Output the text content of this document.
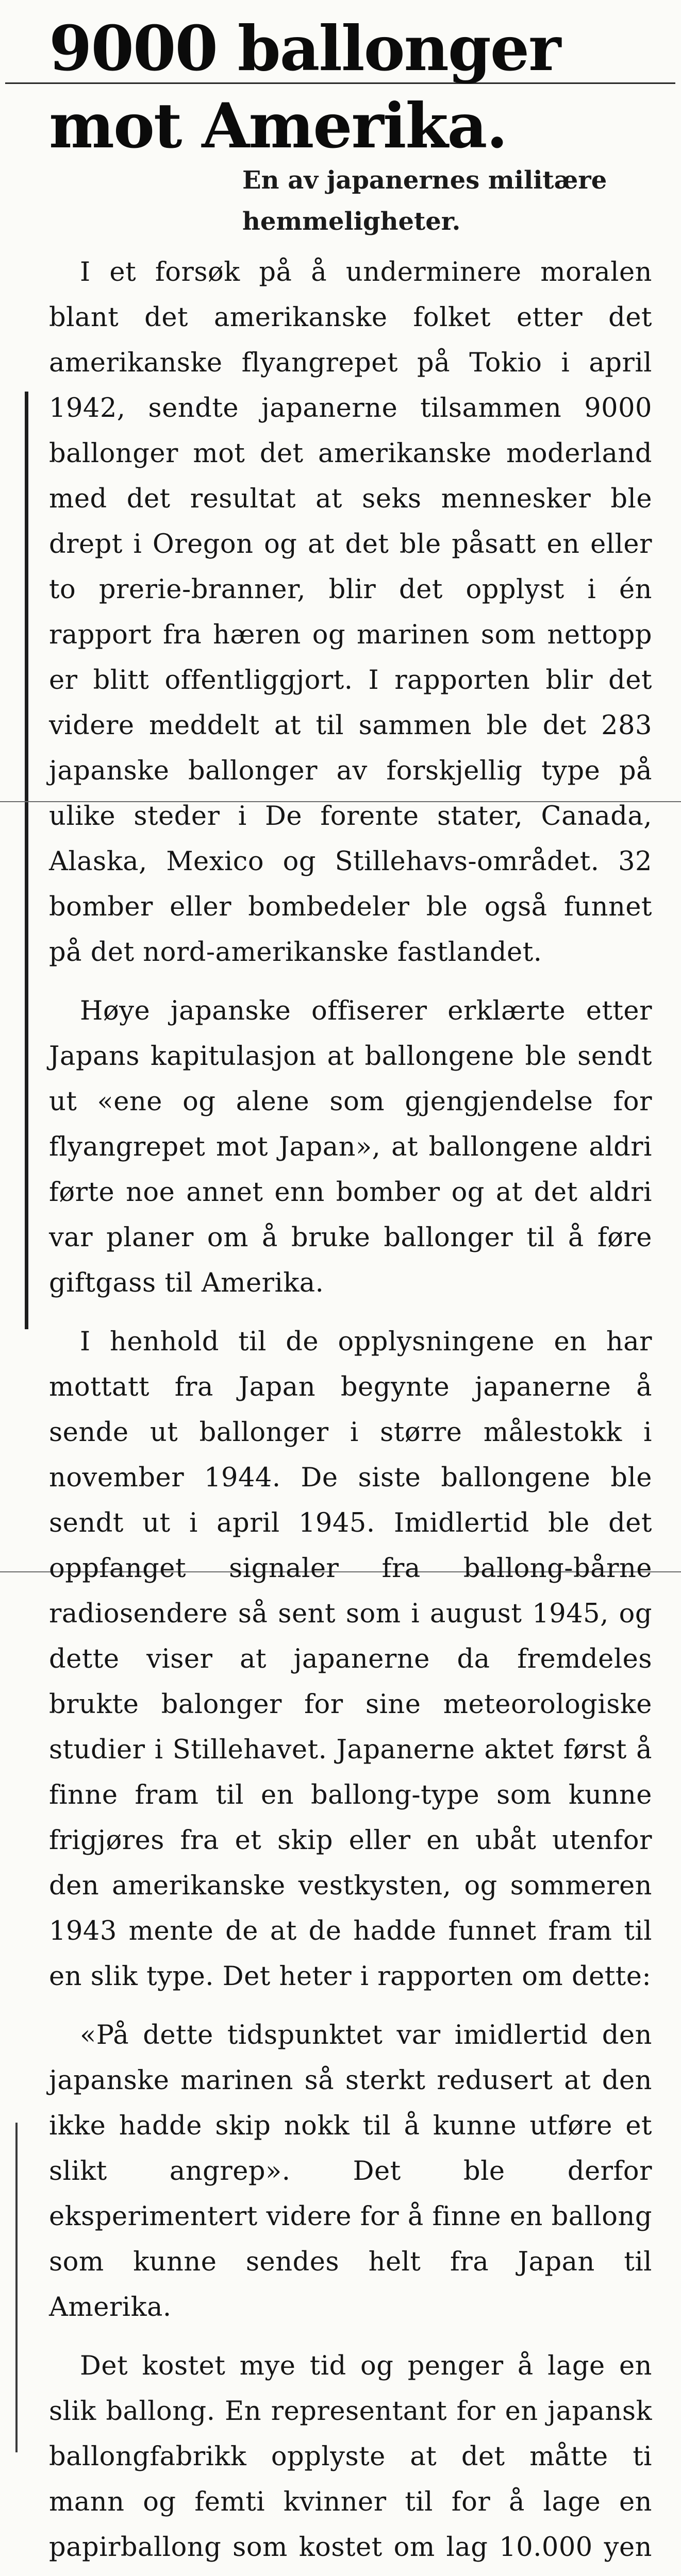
9000 ballonger
mot Amerika.
En av japanernes militære hemmeligheter.

I et forsøk på å underminere moralen blant det amerikanske folket etter det amerikanske flyangrepet på Tokio i april 1942, sendte japanerne tilsammen 9000 ballonger mot det amerikanske moderland med det resultat at seks mennesker ble drept i Oregon og at det ble påsatt en eller to prerie-branner, blir det opplyst i én rapport fra hæren og marinen som nettopp er blitt offentliggjort. I rapporten blir det videre meddelt at til sammen ble det 283 japanske ballonger av forskjellig type på ulike steder i De forente stater, Canada, Alaska, Mexico og Stillehavs-området. 32 bomber eller bombedeler ble også funnet på det nord-amerikanske fastlandet.

Høye japanske offiserer erklærte etter Japans kapitulasjon at ballongene ble sendt ut «ene og alene som gjengjendelse for flyangrepet mot Japan», at ballongene aldri førte noe annet enn bomber og at det aldri var planer om å bruke ballonger til å føre giftgass til Amerika.

I henhold til de opplysningene en har mottatt fra Japan begynte japanerne å sende ut ballonger i større målestokk i november 1944. De siste ballongene ble sendt ut i april 1945. Imidlertid ble det oppfanget signaler fra ballong-bårne radiosendere så sent som i august 1945, og dette viser at japanerne da fremdeles brukte balonger for sine meteorologiske studier i Stillehavet. Japanerne aktet først å finne fram til en ballong-type som kunne frigjøres fra et skip eller en ubåt utenfor den amerikanske vestkysten, og sommeren 1943 mente de at de hadde funnet fram til en slik type. Det heter i rapporten om dette:

«På dette tidspunktet var imidlertid den japanske marinen så sterkt redusert at den ikke hadde skip nokk til å kunne utføre et slikt angrep». Det ble derfor eksperimentert videre for å finne en ballong som kunne sendes helt fra Japan til Amerika.

Det kostet mye tid og penger å lage en slik ballong. En representant for en japansk ballongfabrikk opplyste at det måtte ti mann og femti kvinner til for å lage en papirballong som kostet om lag 10.000 yen
